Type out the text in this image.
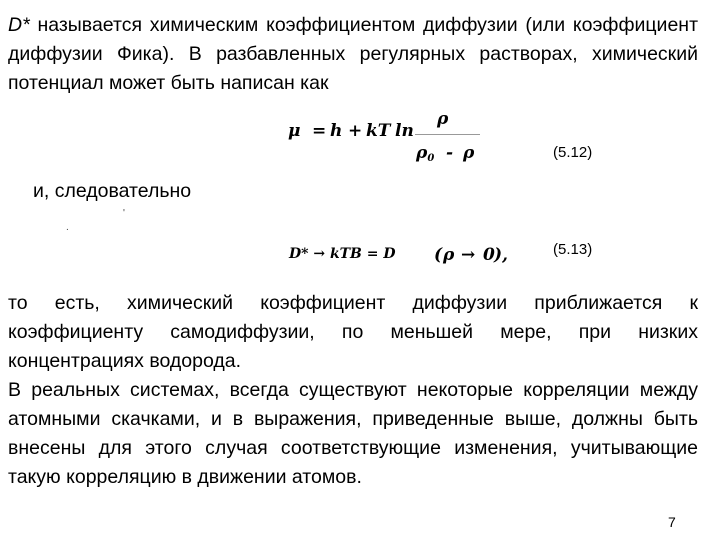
D* называется химическим коэффициентом диффузии (или коэффициент диффузии Фика). В разбавленных регулярных растворах, химический потенциал может быть написан как
μ = h + kT ln
ρ
$\rho_0$ - ρ	(5.12)
и, следовательно
'
.
D* → kTB = D ( ρ → 0 ),	(5.13)
то есть, химический коэффициент диффузии приближается к коэффициенту самодиффузии, по меньшей мере, при низких концентрациях водорода.
В реальных системах, всегда существуют некоторые корреляции между атомными скачками, и в выражения, приведенные выше, должны быть внесены для этого случая соответствующие изменения, учитывающие такую корреляцию в движении атомов.
7
